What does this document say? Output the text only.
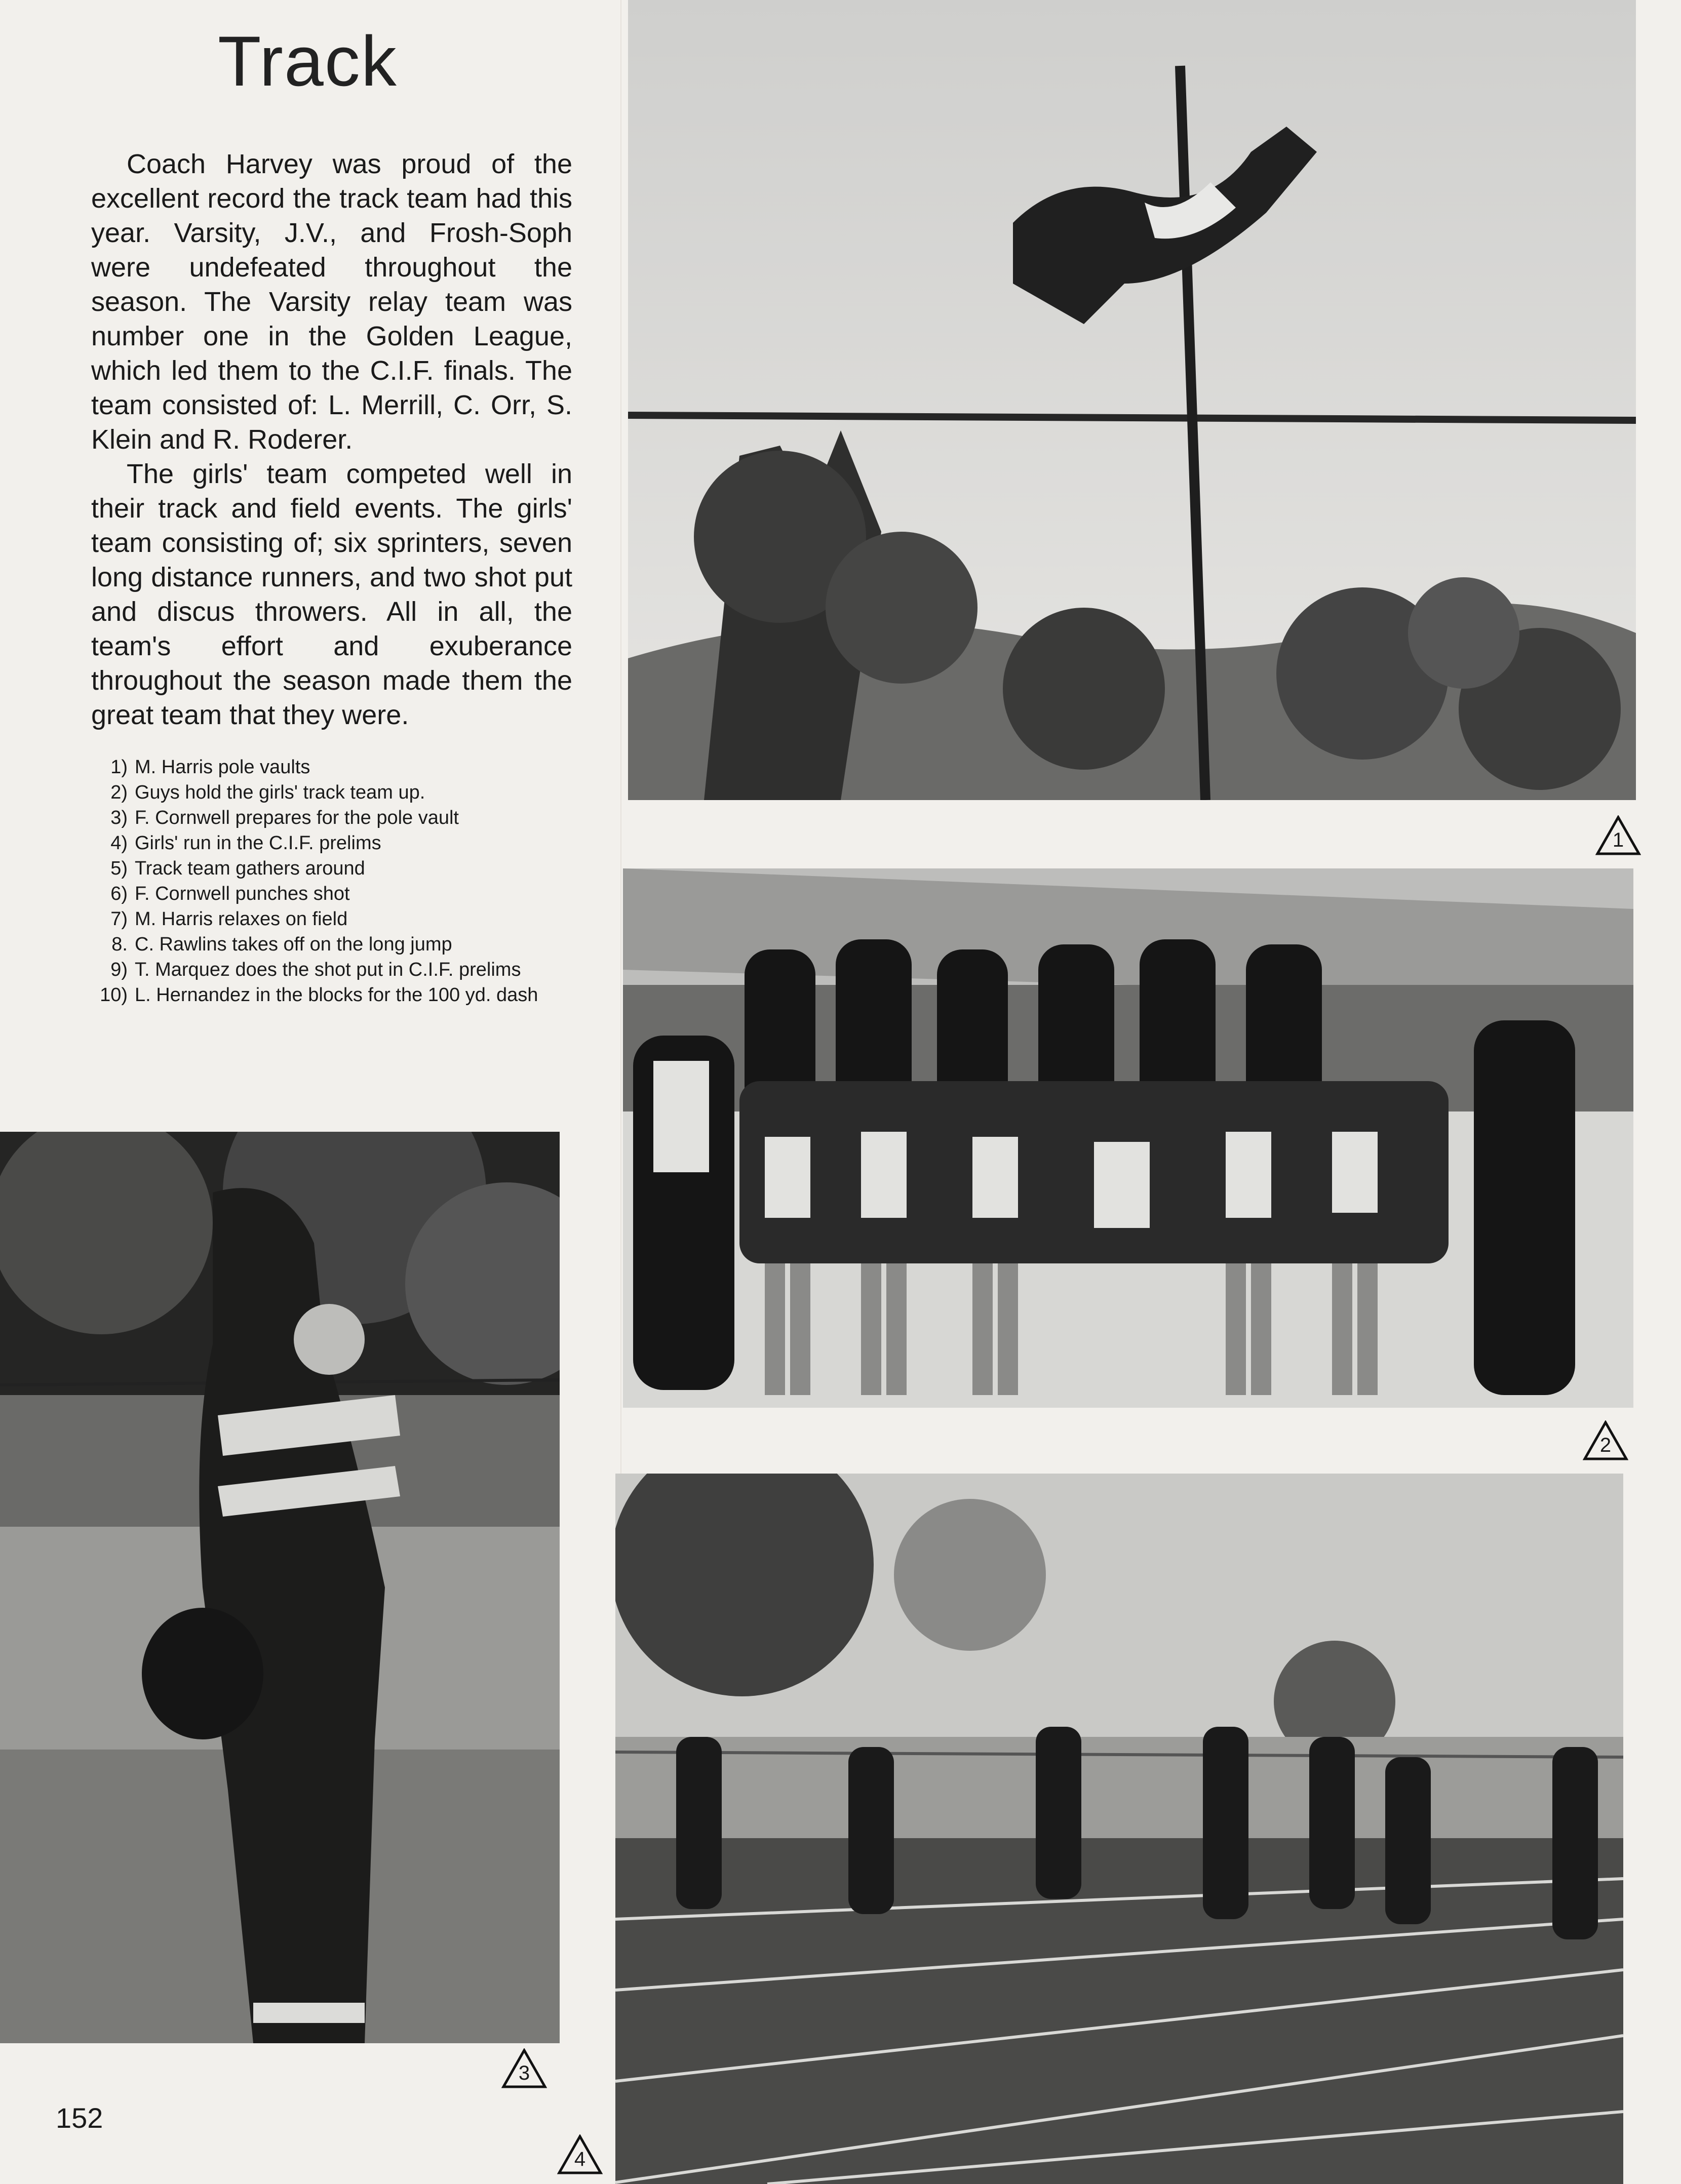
Track

Coach Harvey was proud of the excellent record the track team had this year. Varsity, J.V., and Frosh-Soph were undefeated throughout the season. The Varsity relay team was number one in the Golden League, which led them to the C.I.F. finals. The team consisted of: L. Merrill, C. Orr, S. Klein and R. Roderer.

The girls' team competed well in their track and field events. The girls' team consisting of; six sprinters, seven long distance runners, and two shot put and discus throwers. All in all, the team's effort and exuberance throughout the season made them the great team that they were.

1) M. Harris pole vaults
2) Guys hold the girls' track team up.
3) F. Cornwell prepares for the pole vault
4) Girls' run in the C.I.F. prelims
5) Track team gathers around
6) F. Cornwell punches shot
7) M. Harris relaxes on field
8. C. Rawlins takes off on the long jump
9) T. Marquez does the shot put in C.I.F. prelims
10) L. Hernandez in the blocks for the 100 yd. dash
1
2
3
4
152
